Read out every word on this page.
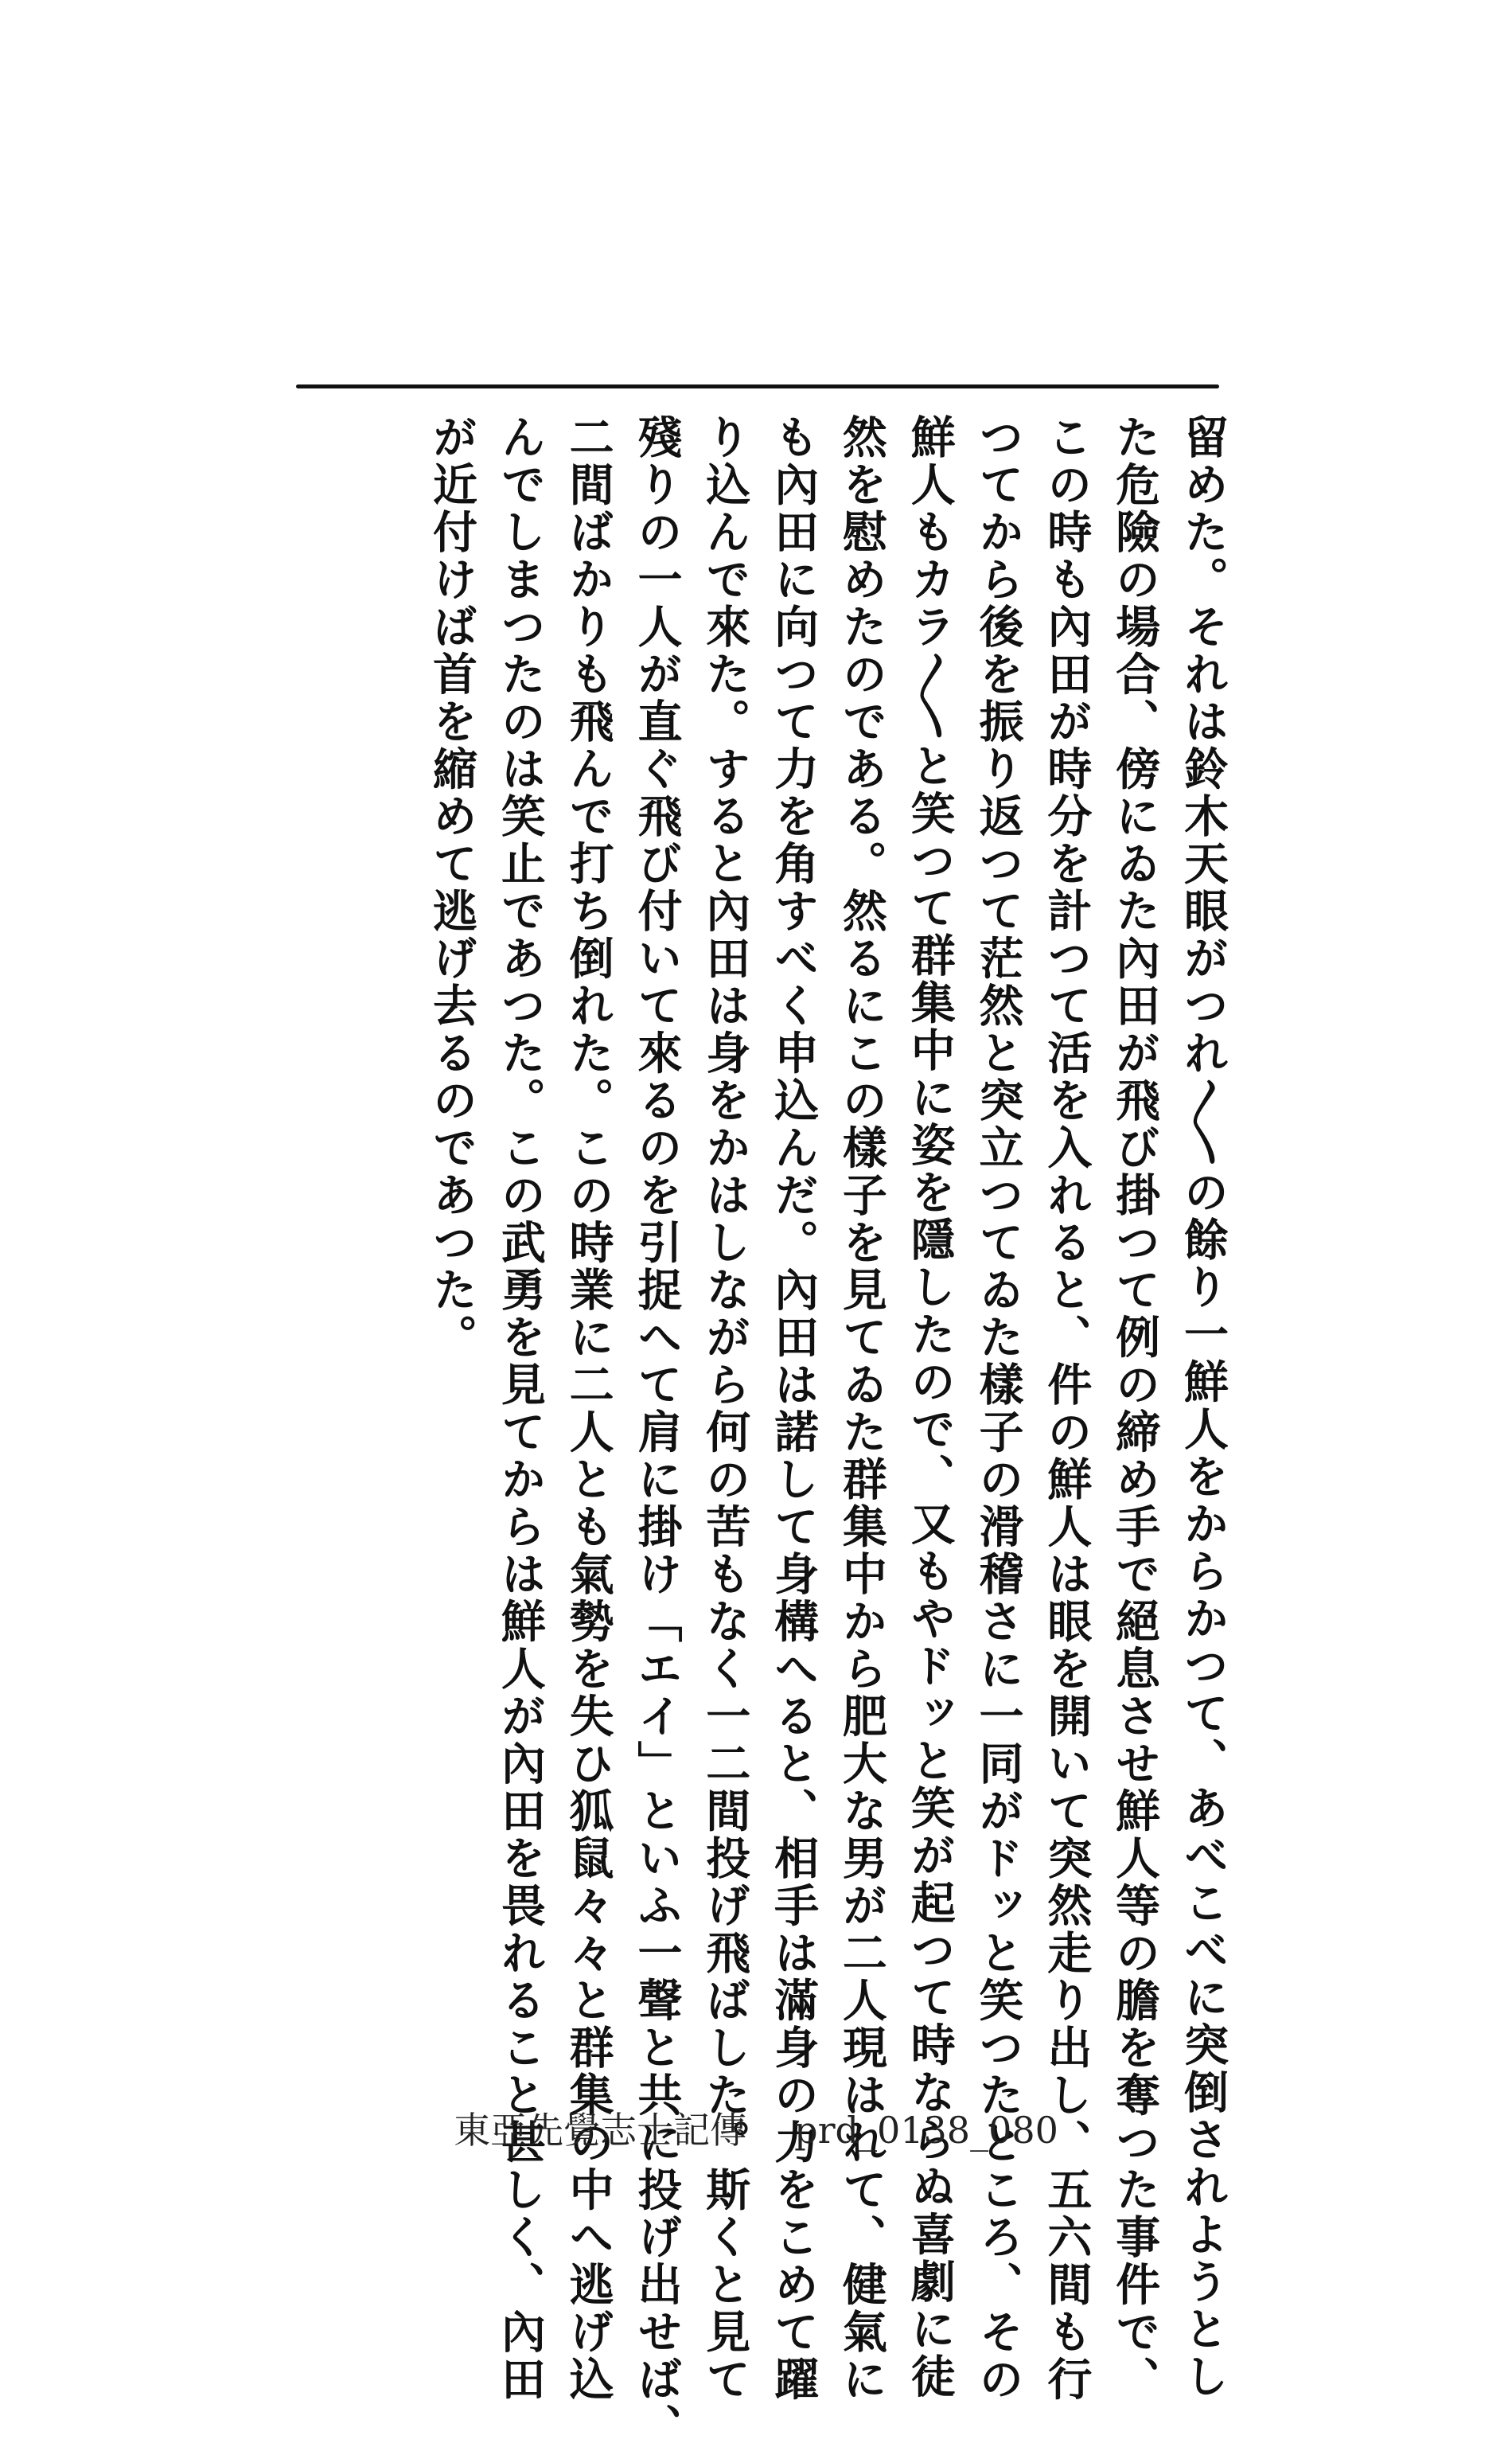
留めた。それは鈴木天眼がつれ〳〵の餘り一鮮人をからかつて、あべこべに突倒されようとし
た危險の場合、傍にゐた內田が飛び掛つて例の締め手で絕息させ鮮人等の膽を奪つた事件で、
この時も內田が時分を計つて活を入れると、件の鮮人は眼を開いて突然走り出し、五六間も行
つてから後を振り返つて茫然と突立つてゐた樣子の滑稽さに一同がドッと笑つたところ、その
鮮人もカラ〳〵と笑つて群集中に姿を隱したので、又もやドッと笑が起つて時ならぬ喜劇に徒
然を慰めたのである。然るにこの樣子を見てゐた群集中から肥大な男が二人現はれて、健氣に
も內田に向つて力を角すべく申込んだ。內田は諾して身構へると、相手は滿身の力をこめて躍
り込んで來た。すると內田は身をかはしながら何の苦もなく一二間投げ飛ばした。斯くと見て
殘りの一人が直ぐ飛び付いて來るのを引捉へて肩に掛け「エイ」といふ一聲と共に投げ出せば、
二間ばかりも飛んで打ち倒れた。この時業に二人とも氣勢を失ひ狐鼠々々と群集の中へ逃げ込
んでしまつたのは笑止であつた。この武勇を見てからは鮮人が內田を畏れること甚しく、內田
が近付けば首を縮めて逃げ去るのであつた。
東亞先覺志士記傳 prd_0138_080
